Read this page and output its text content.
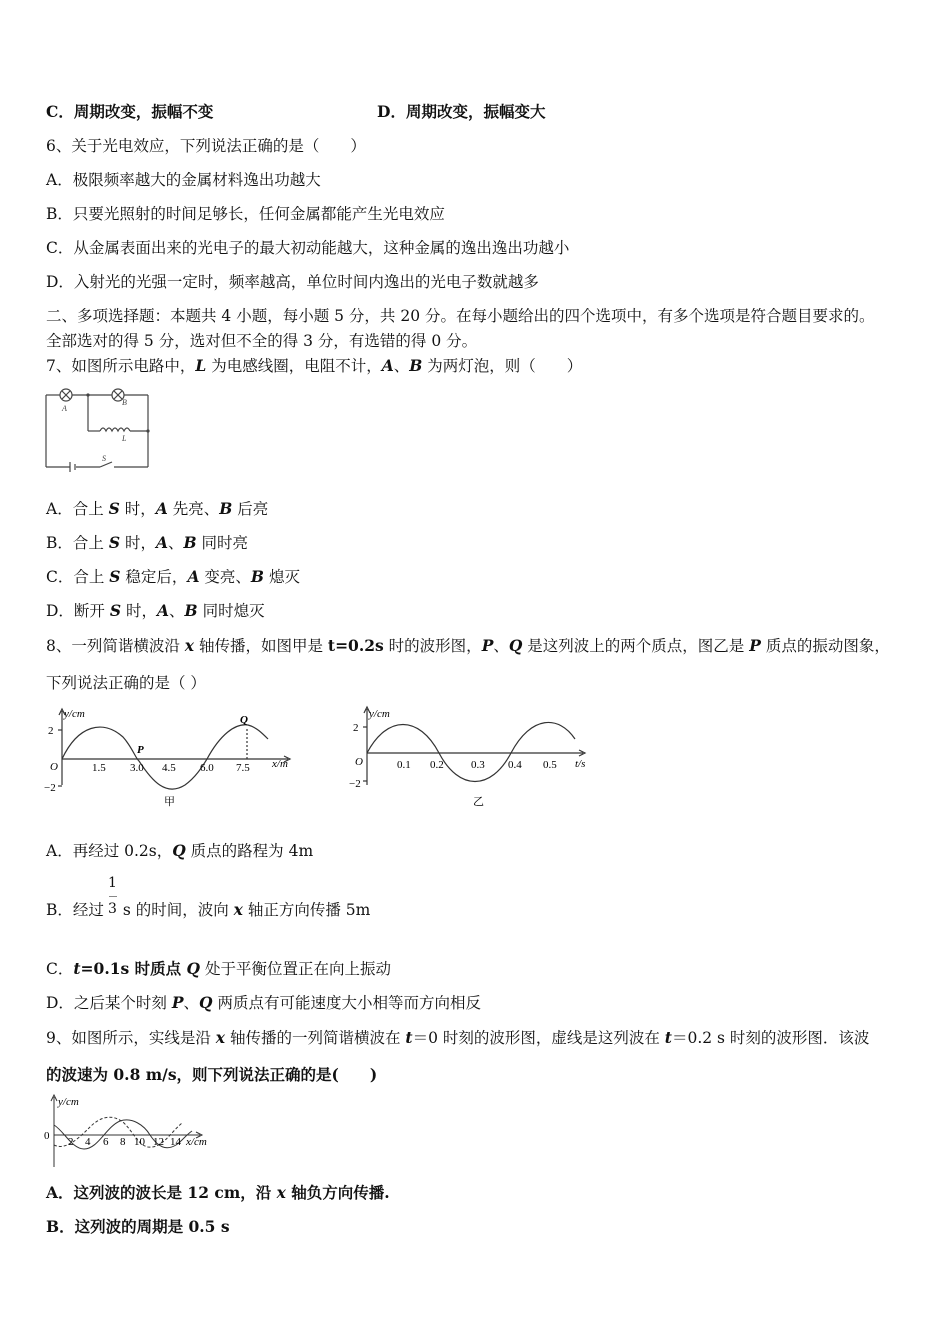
C．周期改变，振幅不变	D．周期改变，振幅变大
6、关于光电效应，下列说法正确的是（　　）
A．极限频率越大的金属材料逸出功越大
B．只要光照射的时间足够长，任何金属都能产生光电效应
C．从金属表面出来的光电子的最大初动能越大，这种金属的逸出逸出功越小
D．入射光的光强一定时，频率越高，单位时间内逸出的光电子数就越多
二、多项选择题：本题共 4 小题，每小题 5 分，共 20 分。在每小题给出的四个选项中，有多个选项是符合题目要求的。
全部选对的得 5 分，选对但不全的得 3 分，有选错的得 0 分。
7、如图所示电路中，L 为电感线圈，电阻不计，A、B 为两灯泡，则（　　）
A
B
L
S
A．合上 S 时，A 先亮、B 后亮
B．合上 S 时，A、B 同时亮
C．合上 S 稳定后，A 变亮、B 熄灭
D．断开 S 时，A、B 同时熄灭
8、一列简谐横波沿 x 轴传播，如图甲是 t=0.2s 时的波形图，P、Q 是这列波上的两个质点，图乙是 P 质点的振动图象，
下列说法正确的是（ ）
y/cm
x/m
2
−2
O	1.5 3.0 4.5 6.0 7.5
P
Q
甲
y/cm
t/s
2
−2
O	0.1 0.2 0.3 0.4 0.5
乙
A．再经过 0.2s，Q 质点的路程为 4m
B．经过 s 的时间，波向 x 轴正方向传播 5m
1
3
C．t=0.1s 时质点 Q 处于平衡位置正在向上振动
D．之后某个时刻 P、Q 两质点有可能速度大小相等而方向相反
9、如图所示，实线是沿 x 轴传播的一列简谐横波在 t＝0 时刻的波形图，虚线是这列波在 t＝0.2 s 时刻的波形图．该波
的波速为 0.8 m/s，则下列说法正确的是(　　)
y/cm
x/cm
0 2 4 6 8 10 12 14
A．这列波的波长是 12 cm，沿 x 轴负方向传播.
B．这列波的周期是 0.5 s
